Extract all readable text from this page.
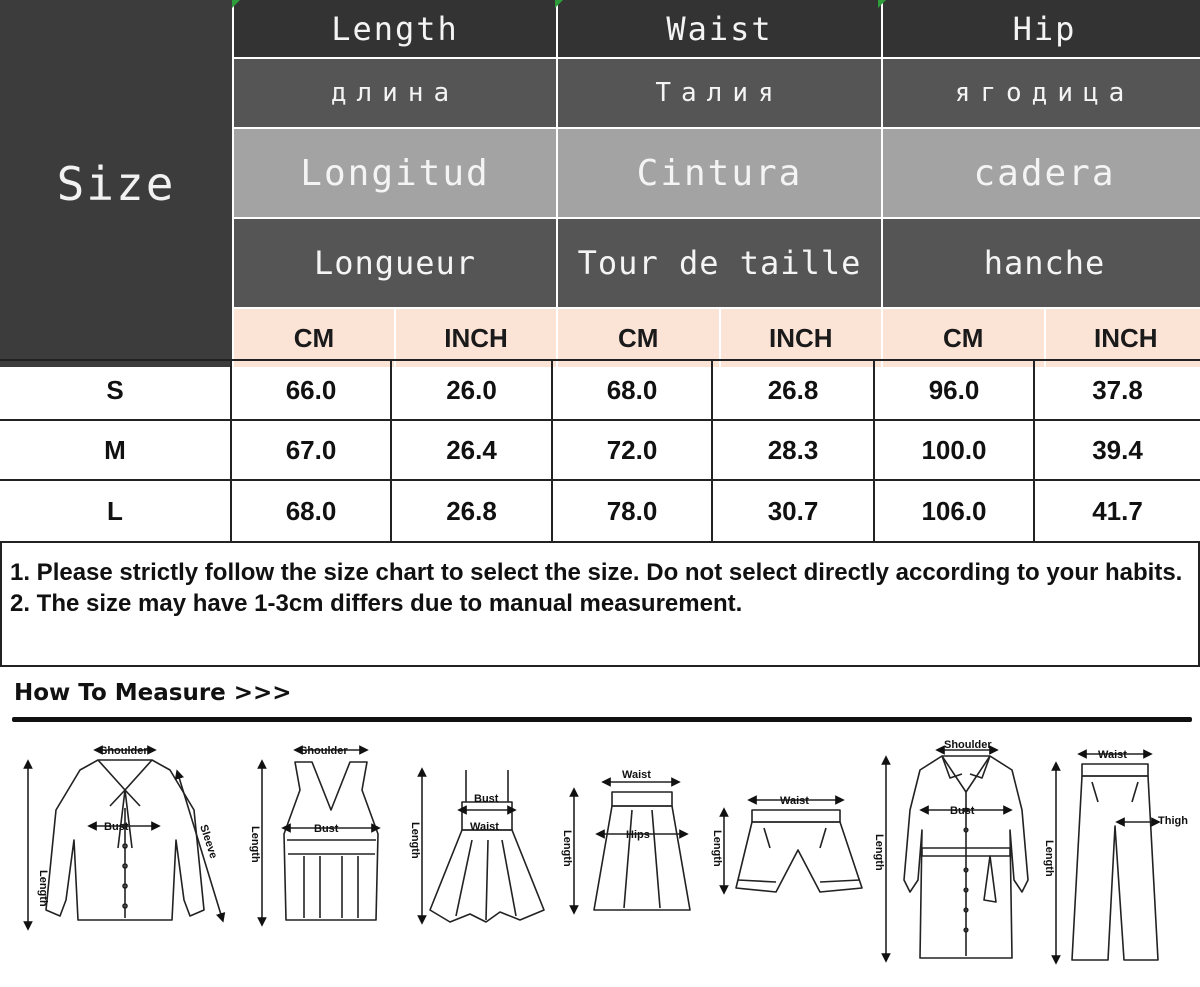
Size
Length	Waist	Hip
длина	Талия	ягодица
Longitud	Cintura	cadera
Longueur	Tour de taille	hanche
CM	INCH	CM	INCH	CM	INCH
S	66.0	26.0	68.0	26.8	96.0	37.8
M	67.0	26.4	72.0	28.3	100.0	39.4
L	68.0	26.8	78.0	30.7	106.0	41.7
1. Please strictly follow the size chart to select the size. Do not select directly according to your habits.
2. The size may have 1-3cm differs due to manual measurement.
How To Measure >>>
Shoulder
Bust
Length
Sleeve
Shoulder
Bust
Length
Bust
Waist
Length
Waist
Hips
Length
Waist
Length
Shoulder
Bust
Length
Waist
Thigh
Length
